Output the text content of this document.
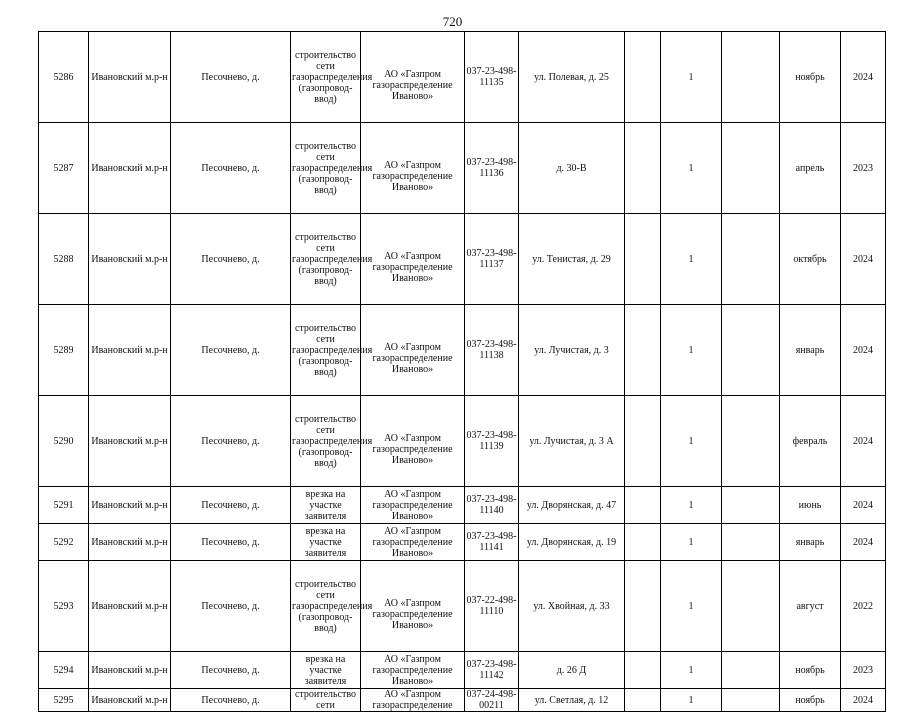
720
5286	Ивановский м.р-н	Песочнево, д.	строительство сети газораспределения (газопровод-ввод)	АО «Газпром газораспределение Иваново»	037-23-498-11135	ул. Полевая, д. 25		1		ноябрь	2024
5287	Ивановский м.р-н	Песочнево, д.	строительство сети газораспределения (газопровод-ввод)	АО «Газпром газораспределение Иваново»	037-23-498-11136	д. 30-В		1		апрель	2023
5288	Ивановский м.р-н	Песочнево, д.	строительство сети газораспределения (газопровод-ввод)	АО «Газпром газораспределение Иваново»	037-23-498-11137	ул. Тенистая, д. 29		1		октябрь	2024
5289	Ивановский м.р-н	Песочнево, д.	строительство сети газораспределения (газопровод-ввод)	АО «Газпром газораспределение Иваново»	037-23-498-11138	ул. Лучистая, д. 3		1		январь	2024
5290	Ивановский м.р-н	Песочнево, д.	строительство сети газораспределения (газопровод-ввод)	АО «Газпром газораспределение Иваново»	037-23-498-11139	ул. Лучистая, д. 3 А		1		февраль	2024
5291	Ивановский м.р-н	Песочнево, д.	врезка на участке заявителя	АО «Газпром газораспределение Иваново»	037-23-498-11140	ул. Дворянская, д. 47		1		июнь	2024
5292	Ивановский м.р-н	Песочнево, д.	врезка на участке заявителя	АО «Газпром газораспределение Иваново»	037-23-498-11141	ул. Дворянская, д. 19		1		январь	2024
5293	Ивановский м.р-н	Песочнево, д.	строительство сети газораспределения (газопровод-ввод)	АО «Газпром газораспределение Иваново»	037-22-498-11110	ул. Хвойная, д. 33		1		август	2022
5294	Ивановский м.р-н	Песочнево, д.	врезка на участке заявителя	АО «Газпром газораспределение Иваново»	037-23-498-11142	д. 26 Д		1		ноябрь	2023
5295	Ивановский м.р-н	Песочнево, д.	строительство сети	АО «Газпром газораспределение	037-24-498-00211	ул. Светлая, д. 12		1		ноябрь	2024
